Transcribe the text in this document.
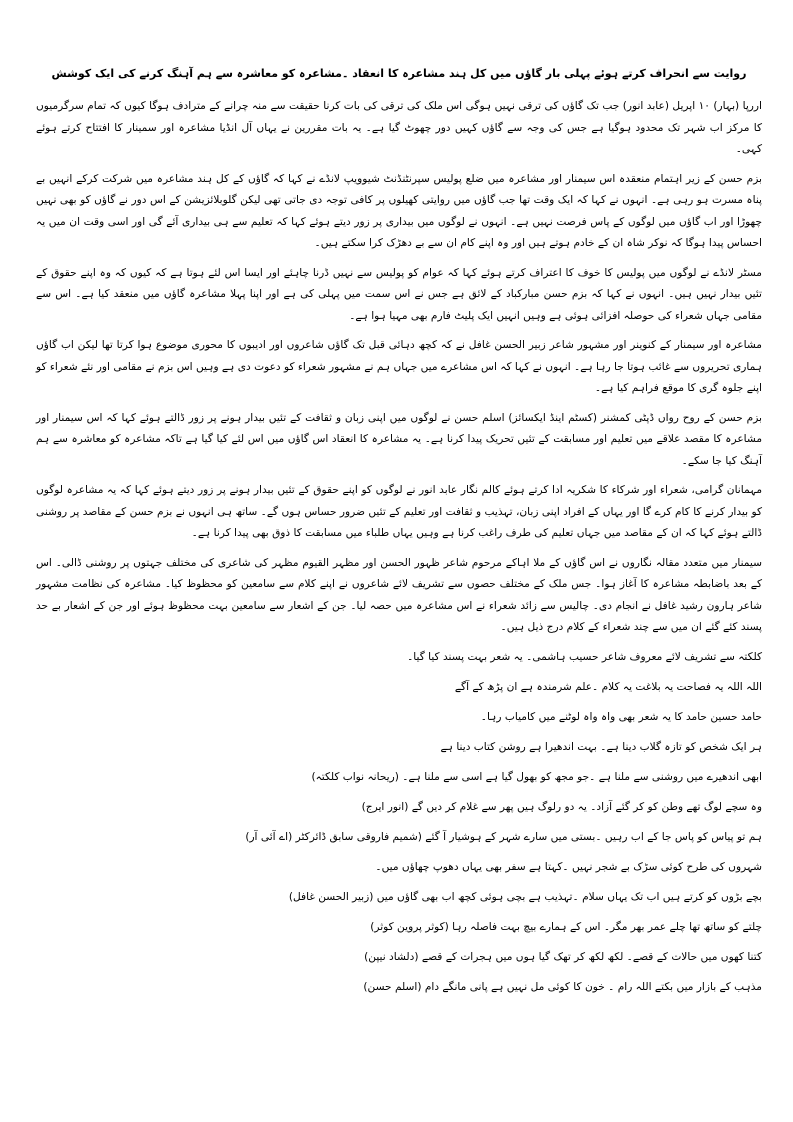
روایت سے انحراف کرتے ہوئے پہلی بار گاؤں میں کل ہند مشاعرہ کا انعقاد ۔مشاعرہ کو معاشرہ سے ہم آہنگ کرنے کی ایک کوشش

اررپا (بہار) ۱۰ اپریل (عابد انور) جب تک گاؤں کی ترقی نہیں ہوگی اس ملک کی ترقی کی بات کرنا حقیقت سے منہ چرانے کے مترادف ہوگا کیوں کہ تمام سرگرمیوں کا مرکز اب شہر تک محدود ہوگیا ہے جس کی وجہ سے گاؤں کہیں دور چھوٹ گیا ہے۔ یہ بات مقررین نے یہاں آل انڈیا مشاعرہ اور سمینار کا افتتاح کرتے ہوئے کہی۔

بزم حسن کے زیر اہتمام منعقدہ اس سیمنار اور مشاعرہ میں ضلع پولیس سپرنٹنڈنٹ شیوویپ لانڈے نے کہا کہ گاؤں کے کل ہند مشاعرہ میں شرکت کرکے انہیں بے پناہ مسرت ہو رہی ہے۔ انہوں نے کہا کہ ایک وقت تھا جب گاؤں میں روایتی کھیلوں پر کافی توجہ دی جاتی تھی لیکن گلوبلائزیشن کے اس دور نے گاؤں کو بھی نہیں چھوڑا اور اب گاؤں میں لوگوں کے پاس فرصت نہیں ہے۔ انہوں نے لوگوں میں بیداری پر زور دیتے ہوئے کہا کہ تعلیم سے ہی بیداری آئے گی اور اسی وقت ان میں یہ احساس پیدا ہوگا کہ نوکر شاہ ان کے خادم ہوتے ہیں اور وہ اپنے کام ان سے بے دھڑک کرا سکتے ہیں۔

مسٹر لانڈے نے لوگوں میں پولیس کا خوف کا اعتراف کرتے ہوئے کہا کہ عوام کو پولیس سے نہیں ڈرنا چاہئے اور ایسا اس لئے ہوتا ہے کہ کیوں کہ وہ اپنے حقوق کے تئیں بیدار نہیں ہیں۔ انہوں نے کہا کہ بزم حسن مبارکباد کے لائق ہے جس نے اس سمت میں پہلی کی ہے اور اپنا پہلا مشاعرہ گاؤں میں منعقد کیا ہے۔ اس سے مقامی جہاں شعراء کی حوصلہ افزائی ہوئی ہے وہیں انہیں ایک پلیٹ فارم بھی مہیا ہوا ہے۔

مشاعرہ اور سیمنار کے کنوینر اور مشہور شاعر زبیر الحسن غافل نے کہ کچھ دہائی قبل تک گاؤں شاعروں اور ادیبوں کا محوری موضوع ہوا کرتا تھا لیکن اب گاؤں ہماری تحریروں سے غائب ہوتا جا رہا ہے۔ انہوں نے کہا کہ اس مشاعرے میں جہاں ہم نے مشہور شعراء کو دعوت دی ہے وہیں اس بزم نے مقامی اور نئے شعراء کو اپنے جلوہ گری کا موقع فراہم کیا ہے۔

بزم حسن کے روح رواں ڈپٹی کمشنر (کسٹم اینڈ ایکسائز) اسلم حسن نے لوگوں میں اپنی زبان و ثقافت کے تئیں بیدار ہونے پر زور ڈالتے ہوئے کہا کہ اس سیمنار اور مشاعرہ کا مقصد علاقے میں تعلیم اور مسابقت کے تئیں تحریک پیدا کرنا ہے۔ یہ مشاعرہ کا انعقاد اس گاؤں میں اس لئے کیا گیا ہے تاکہ مشاعرہ کو معاشرہ سے ہم آہنگ کیا جا سکے۔

مہمانان گرامی، شعراء اور شرکاء کا شکریہ ادا کرتے ہوئے کالم نگار عابد انور نے لوگوں کو اپنے حقوق کے تئیں بیدار ہونے پر زور دیتے ہوئے کہا کہ یہ مشاعرہ لوگوں کو بیدار کرنے کا کام کرے گا اور یہاں کے افراد اپنی زبان، تہذیب و ثقافت اور تعلیم کے تئیں ضرور حساس ہوں گے۔ ساتھ ہی انہوں نے بزم حسن کے مقاصد پر روشنی ڈالتے ہوئے کہا کہ ان کے مقاصد میں جہاں تعلیم کی طرف راغب کرنا ہے وہیں یہاں طلباء میں مسابقت کا ذوق بھی پیدا کرنا ہے۔

سیمنار میں متعدد مقالہ نگاروں نے اس گاؤں کے ملا اہاکے مرحوم شاعر ظہور الحسن اور مظہر القیوم مظہر کی شاعری کی مختلف جہتوں پر روشنی ڈالی۔ اس کے بعد باضابطہ مشاعرہ کا آغاز ہوا۔ جس ملک کے مختلف حصوں سے تشریف لائے شاعروں نے اپنے کلام سے سامعین کو محظوظ کیا۔ مشاعرہ کی نظامت مشہور شاعر ہارون رشید غافل نے انجام دی۔ چالیس سے زائد شعراء نے اس مشاعرہ میں حصہ لیا۔ جن کے اشعار سے سامعین بہت محظوظ ہوئے اور جن کے اشعار بے حد پسند کئے گئے ان میں سے چند شعراء کے کلام درج ذیل ہیں۔

کلکتہ سے تشریف لائے معروف شاعر حسیب ہاشمی۔ یہ شعر بہت پسند کیا گیا۔

اللہ اللہ یہ فصاحت یہ بلاغت یہ کلام ۔علم شرمندہ ہے ان پڑھ کے آگے

حامد حسین حامد کا یہ شعر بھی واہ واہ لوٹنے میں کامیاب رہا۔

ہر ایک شخص کو تازہ گلاب دینا ہے۔ بہت اندھیرا ہے روشن کتاب دینا ہے

ابھی اندھیرے میں روشنی سے ملنا ہے ۔جو مجھ کو بھول گیا ہے اسی سے ملنا ہے۔ (ریحانہ نواب کلکتہ)

وہ سچے لوگ تھے وطن کو کر گئے آزاد۔ یہ دو رلوگ ہیں پھر سے غلام کر دیں گے (انور ایرج)

ہم تو پیاس کو پاس جا کے اب رہیں ۔بستی میں سارے شہر کے ہوشیار آ گئے (شمیم فاروقی سابق ڈائرکٹر (اے آئی آر)

شہروں کی طرح کوئی سڑک بے شجر نہیں ۔کہتا ہے سفر بھی یہاں دھوپ چھاؤں میں۔

بچے بڑوں کو کرتے ہیں اب تک یہاں سلام ۔تہذیب ہے بچی ہوئی کچھ اب بھی گاؤں میں (زبیر الحسن غافل)

چلتے کو ساتھ تھا چلے عمر بھر مگر۔ اس کے ہمارے بیچ بہت فاصلہ رہا (کوثر پروین کوثر)

کتنا کھوں میں حالات کے قصے۔ لکھ لکھ کر تھک گیا ہوں میں ہجرات کے قصے (دلشاد نیپن)

مذہب کے بازار میں بکتے اللہ رام ۔ خون کا کوئی مل نہیں ہے پانی مانگے دام (اسلم حسن)
